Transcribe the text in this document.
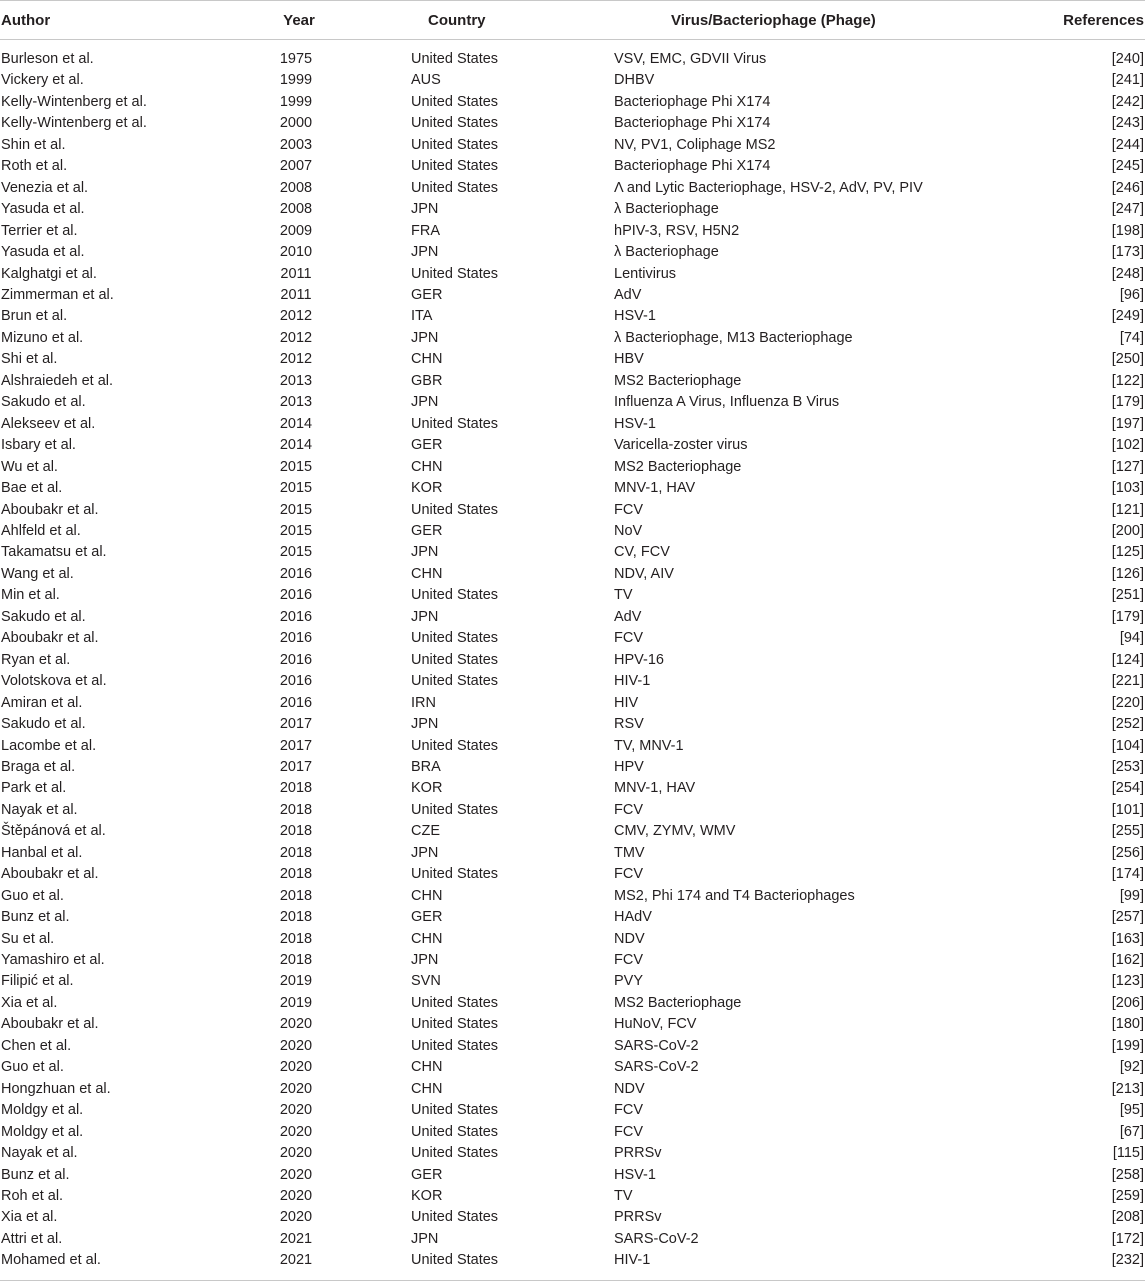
Author	Year	Country	Virus/Bacteriophage (Phage)	References
Burleson et al.	1975	United States	VSV, EMC, GDVII Virus	[240]
Vickery et al.	1999	AUS	DHBV	[241]
Kelly-Wintenberg et al.	1999	United States	Bacteriophage Phi X174	[242]
Kelly-Wintenberg et al.	2000	United States	Bacteriophage Phi X174	[243]
Shin et al.	2003	United States	NV, PV1, Coliphage MS2	[244]
Roth et al.	2007	United States	Bacteriophage Phi X174	[245]
Venezia et al.	2008	United States	Λ and Lytic Bacteriophage, HSV-2, AdV, PV, PIV	[246]
Yasuda et al.	2008	JPN	λ Bacteriophage	[247]
Terrier et al.	2009	FRA	hPIV-3, RSV, H5N2	[198]
Yasuda et al.	2010	JPN	λ Bacteriophage	[173]
Kalghatgi et al.	2011	United States	Lentivirus	[248]
Zimmerman et al.	2011	GER	AdV	[96]
Brun et al.	2012	ITA	HSV-1	[249]
Mizuno et al.	2012	JPN	λ Bacteriophage, M13 Bacteriophage	[74]
Shi et al.	2012	CHN	HBV	[250]
Alshraiedeh et al.	2013	GBR	MS2 Bacteriophage	[122]
Sakudo et al.	2013	JPN	Influenza A Virus, Influenza B Virus	[179]
Alekseev et al.	2014	United States	HSV-1	[197]
Isbary et al.	2014	GER	Varicella-zoster virus	[102]
Wu et al.	2015	CHN	MS2 Bacteriophage	[127]
Bae et al.	2015	KOR	MNV-1, HAV	[103]
Aboubakr et al.	2015	United States	FCV	[121]
Ahlfeld et al.	2015	GER	NoV	[200]
Takamatsu et al.	2015	JPN	CV, FCV	[125]
Wang et al.	2016	CHN	NDV, AIV	[126]
Min et al.	2016	United States	TV	[251]
Sakudo et al.	2016	JPN	AdV	[179]
Aboubakr et al.	2016	United States	FCV	[94]
Ryan et al.	2016	United States	HPV-16	[124]
Volotskova et al.	2016	United States	HIV-1	[221]
Amiran et al.	2016	IRN	HIV	[220]
Sakudo et al.	2017	JPN	RSV	[252]
Lacombe et al.	2017	United States	TV, MNV-1	[104]
Braga et al.	2017	BRA	HPV	[253]
Park et al.	2018	KOR	MNV-1, HAV	[254]
Nayak et al.	2018	United States	FCV	[101]
Štěpánová et al.	2018	CZE	CMV, ZYMV, WMV	[255]
Hanbal et al.	2018	JPN	TMV	[256]
Aboubakr et al.	2018	United States	FCV	[174]
Guo et al.	2018	CHN	MS2, Phi 174 and T4 Bacteriophages	[99]
Bunz et al.	2018	GER	HAdV	[257]
Su et al.	2018	CHN	NDV	[163]
Yamashiro et al.	2018	JPN	FCV	[162]
Filipić et al.	2019	SVN	PVY	[123]
Xia et al.	2019	United States	MS2 Bacteriophage	[206]
Aboubakr et al.	2020	United States	HuNoV, FCV	[180]
Chen et al.	2020	United States	SARS-CoV-2	[199]
Guo et al.	2020	CHN	SARS-CoV-2	[92]
Hongzhuan et al.	2020	CHN	NDV	[213]
Moldgy et al.	2020	United States	FCV	[95]
Moldgy et al.	2020	United States	FCV	[67]
Nayak et al.	2020	United States	PRRSv	[115]
Bunz et al.	2020	GER	HSV-1	[258]
Roh et al.	2020	KOR	TV	[259]
Xia et al.	2020	United States	PRRSv	[208]
Attri et al.	2021	JPN	SARS-CoV-2	[172]
Mohamed et al.	2021	United States	HIV-1	[232]
